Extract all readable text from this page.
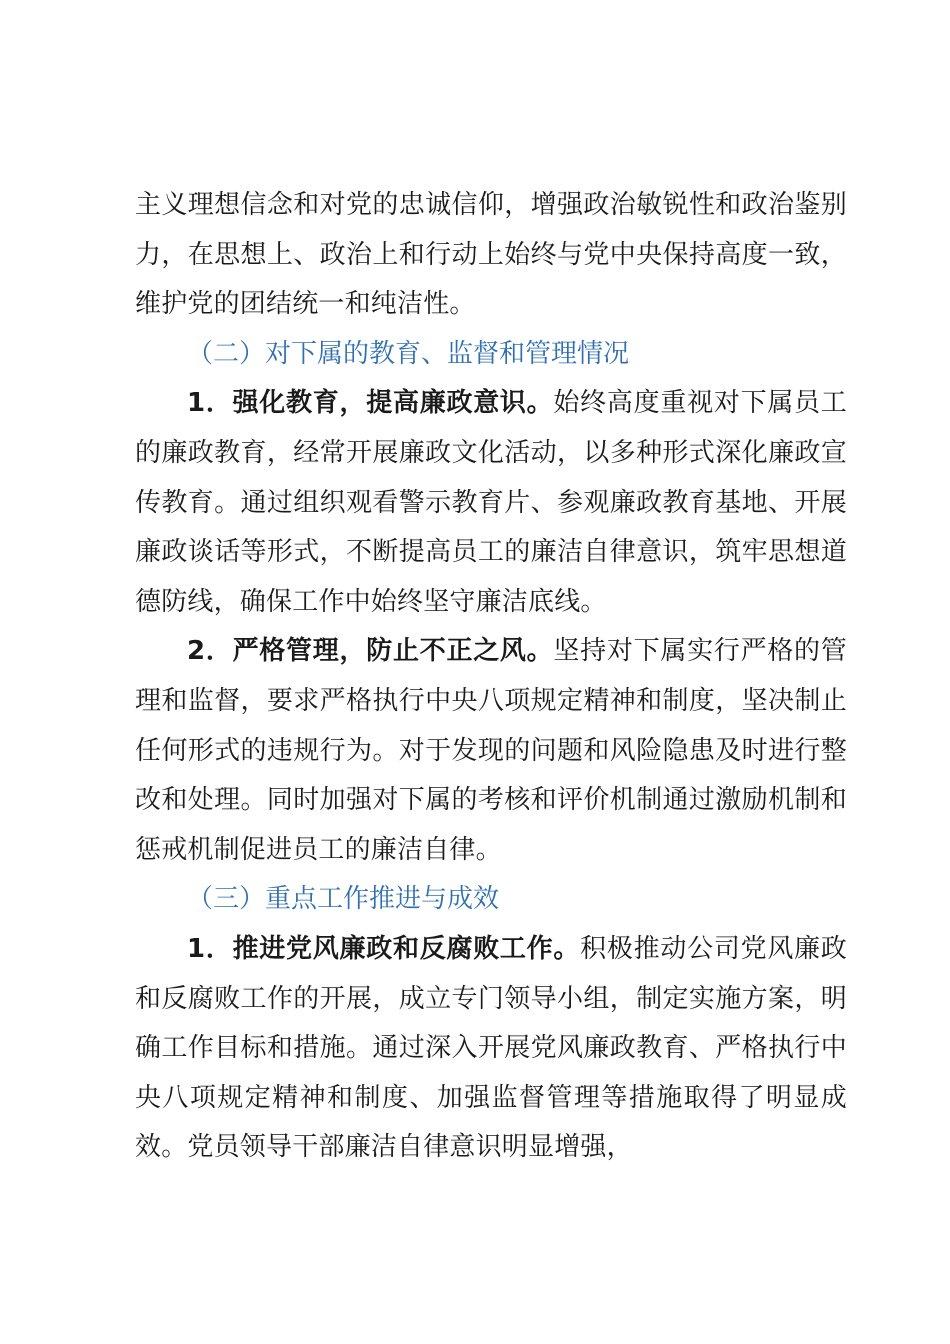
主义理想信念和对党的忠诚信仰，增强政治敏锐性和政治鉴别力，在思想上、政治上和行动上始终与党中央保持高度一致，维护党的团结统一和纯洁性。

（二）对下属的教育、监督和管理情况

1．强化教育，提高廉政意识。始终高度重视对下属员工的廉政教育，经常开展廉政文化活动，以多种形式深化廉政宣传教育。通过组织观看警示教育片、参观廉政教育基地、开展廉政谈话等形式，不断提高员工的廉洁自律意识，筑牢思想道德防线，确保工作中始终坚守廉洁底线。

2．严格管理，防止不正之风。坚持对下属实行严格的管理和监督，要求严格执行中央八项规定精神和制度，坚决制止任何形式的违规行为。对于发现的问题和风险隐患及时进行整改和处理。同时加强对下属的考核和评价机制通过激励机制和惩戒机制促进员工的廉洁自律。

（三）重点工作推进与成效

1．推进党风廉政和反腐败工作。积极推动公司党风廉政和反腐败工作的开展，成立专门领导小组，制定实施方案，明确工作目标和措施。通过深入开展党风廉政教育、严格执行中央八项规定精神和制度、加强监督管理等措施取得了明显成效。党员领导干部廉洁自律意识明显增强，
